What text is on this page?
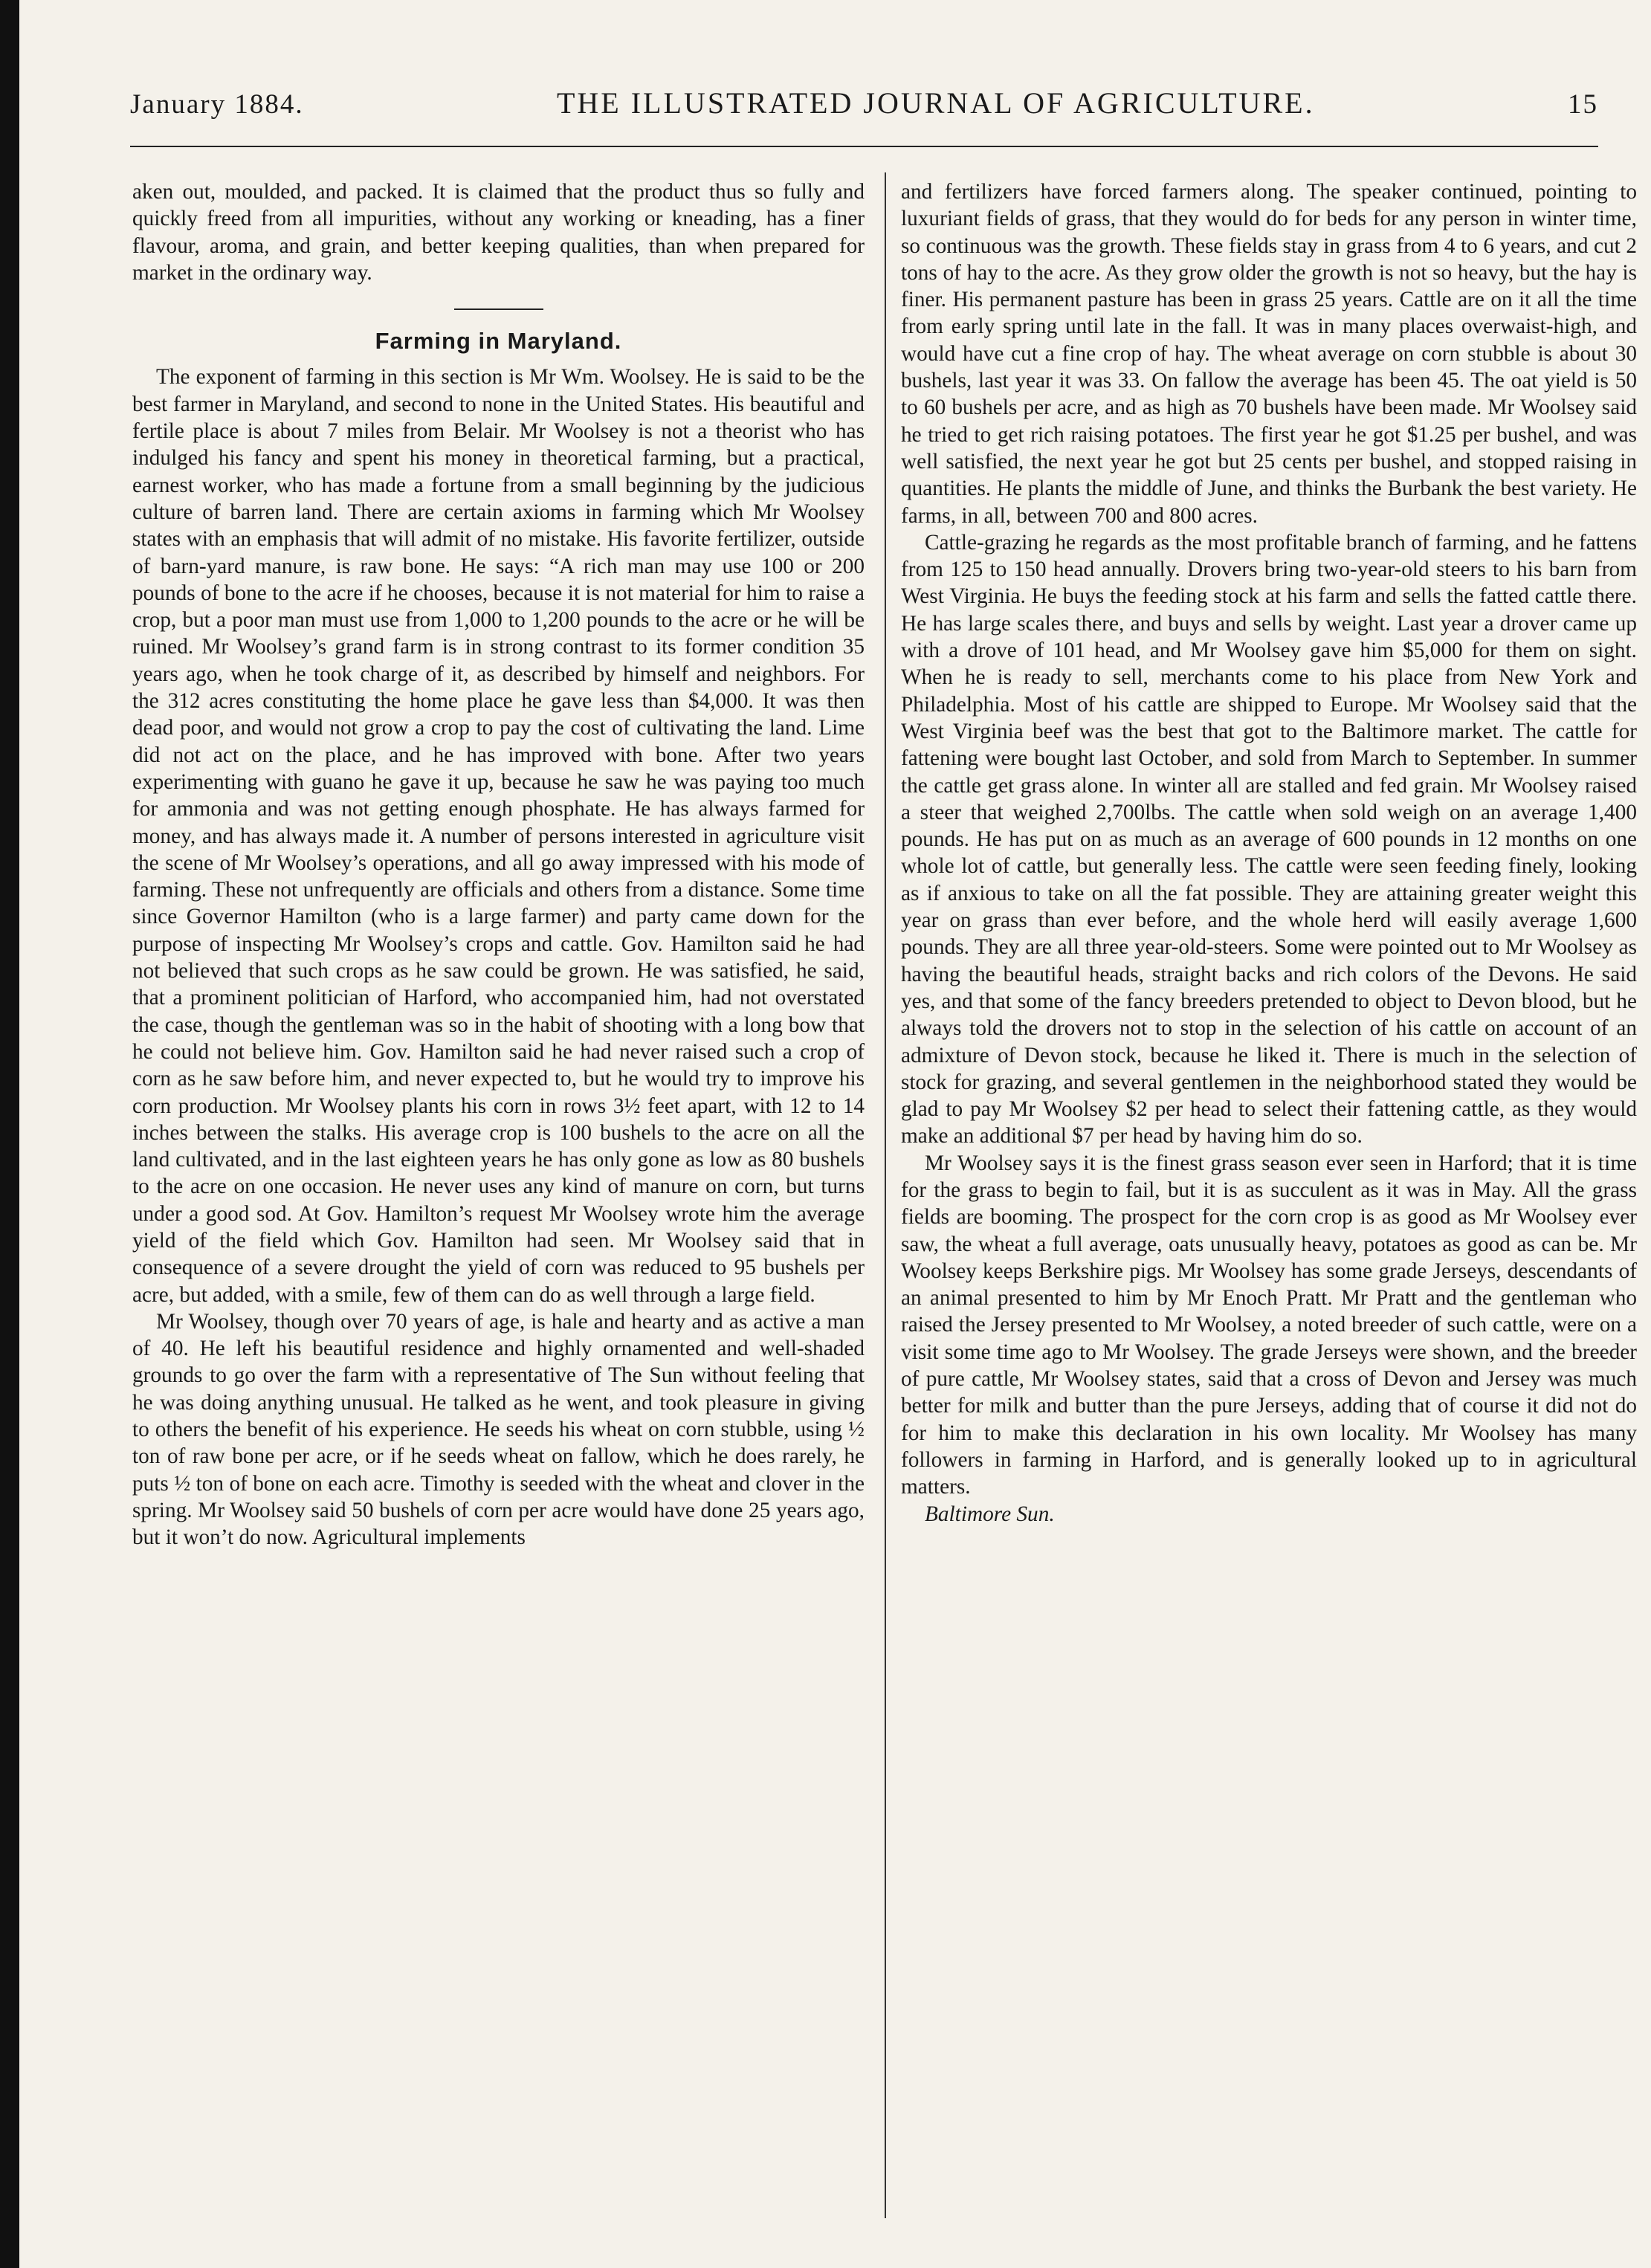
January 1884.	THE ILLUSTRATED JOURNAL OF AGRICULTURE.	15

aken out, moulded, and packed. It is claimed that the product thus so fully and quickly freed from all impurities, without any working or kneading, has a finer flavour, aroma, and grain, and better keeping qualities, than when prepared for market in the ordinary way.

Farming in Maryland.

The exponent of farming in this section is Mr Wm. Woolsey. He is said to be the best farmer in Maryland, and second to none in the United States. His beautiful and fertile place is about 7 miles from Belair. Mr Woolsey is not a theorist who has indulged his fancy and spent his money in theoretical farming, but a practical, earnest worker, who has made a fortune from a small beginning by the judicious culture of barren land. There are certain axioms in farming which Mr Woolsey states with an emphasis that will admit of no mistake. His favorite fertilizer, outside of barn-yard manure, is raw bone. He says: “A rich man may use 100 or 200 pounds of bone to the acre if he chooses, because it is not material for him to raise a crop, but a poor man must use from 1,000 to 1,200 pounds to the acre or he will be ruined. Mr Woolsey’s grand farm is in strong contrast to its former condition 35 years ago, when he took charge of it, as described by himself and neighbors. For the 312 acres constituting the home place he gave less than $4,000. It was then dead poor, and would not grow a crop to pay the cost of cultivating the land. Lime did not act on the place, and he has improved with bone. After two years experimenting with guano he gave it up, because he saw he was paying too much for ammonia and was not getting enough phosphate. He has always farmed for money, and has always made it. A number of persons interested in agriculture visit the scene of Mr Woolsey’s operations, and all go away impressed with his mode of farming. These not unfrequently are officials and others from a distance. Some time since Governor Hamilton (who is a large farmer) and party came down for the purpose of inspecting Mr Woolsey’s crops and cattle. Gov. Hamilton said he had not believed that such crops as he saw could be grown. He was satisfied, he said, that a prominent politician of Harford, who accompanied him, had not overstated the case, though the gentleman was so in the habit of shooting with a long bow that he could not believe him. Gov. Hamilton said he had never raised such a crop of corn as he saw before him, and never expected to, but he would try to improve his corn production. Mr Woolsey plants his corn in rows 3½ feet apart, with 12 to 14 inches between the stalks. His average crop is 100 bushels to the acre on all the land cultivated, and in the last eighteen years he has only gone as low as 80 bushels to the acre on one occasion. He never uses any kind of manure on corn, but turns under a good sod. At Gov. Hamilton’s request Mr Woolsey wrote him the average yield of the field which Gov. Hamilton had seen. Mr Woolsey said that in consequence of a severe drought the yield of corn was reduced to 95 bushels per acre, but added, with a smile, few of them can do as well through a large field.

Mr Woolsey, though over 70 years of age, is hale and hearty and as active a man of 40. He left his beautiful residence and highly ornamented and well-shaded grounds to go over the farm with a representative of The Sun without feeling that he was doing anything unusual. He talked as he went, and took pleasure in giving to others the benefit of his experience. He seeds his wheat on corn stubble, using ½ ton of raw bone per acre, or if he seeds wheat on fallow, which he does rarely, he puts ½ ton of bone on each acre. Timothy is seeded with the wheat and clover in the spring. Mr Woolsey said 50 bushels of corn per acre would have done 25 years ago, but it won’t do now. Agricultural implements

and fertilizers have forced farmers along. The speaker continued, pointing to luxuriant fields of grass, that they would do for beds for any person in winter time, so continuous was the growth. These fields stay in grass from 4 to 6 years, and cut 2 tons of hay to the acre. As they grow older the growth is not so heavy, but the hay is finer. His permanent pasture has been in grass 25 years. Cattle are on it all the time from early spring until late in the fall. It was in many places overwaist-high, and would have cut a fine crop of hay. The wheat average on corn stubble is about 30 bushels, last year it was 33. On fallow the average has been 45. The oat yield is 50 to 60 bushels per acre, and as high as 70 bushels have been made. Mr Woolsey said he tried to get rich raising potatoes. The first year he got $1.25 per bushel, and was well satisfied, the next year he got but 25 cents per bushel, and stopped raising in quantities. He plants the middle of June, and thinks the Burbank the best variety. He farms, in all, between 700 and 800 acres.

Cattle-grazing he regards as the most profitable branch of farming, and he fattens from 125 to 150 head annually. Drovers bring two-year-old steers to his barn from West Virginia. He buys the feeding stock at his farm and sells the fatted cattle there. He has large scales there, and buys and sells by weight. Last year a drover came up with a drove of 101 head, and Mr Woolsey gave him $5,000 for them on sight. When he is ready to sell, merchants come to his place from New York and Philadelphia. Most of his cattle are shipped to Europe. Mr Woolsey said that the West Virginia beef was the best that got to the Baltimore market. The cattle for fattening were bought last October, and sold from March to September. In summer the cattle get grass alone. In winter all are stalled and fed grain. Mr Woolsey raised a steer that weighed 2,700lbs. The cattle when sold weigh on an average 1,400 pounds. He has put on as much as an average of 600 pounds in 12 months on one whole lot of cattle, but generally less. The cattle were seen feeding finely, looking as if anxious to take on all the fat possible. They are attaining greater weight this year on grass than ever before, and the whole herd will easily average 1,600 pounds. They are all three year-old-steers. Some were pointed out to Mr Woolsey as having the beautiful heads, straight backs and rich colors of the Devons. He said yes, and that some of the fancy breeders pretended to object to Devon blood, but he always told the drovers not to stop in the selection of his cattle on account of an admixture of Devon stock, because he liked it. There is much in the selection of stock for grazing, and several gentlemen in the neighborhood stated they would be glad to pay Mr Woolsey $2 per head to select their fattening cattle, as they would make an additional $7 per head by having him do so.

Mr Woolsey says it is the finest grass season ever seen in Harford; that it is time for the grass to begin to fail, but it is as succulent as it was in May. All the grass fields are booming. The prospect for the corn crop is as good as Mr Woolsey ever saw, the wheat a full average, oats unusually heavy, potatoes as good as can be. Mr Woolsey keeps Berkshire pigs. Mr Woolsey has some grade Jerseys, descendants of an animal presented to him by Mr Enoch Pratt. Mr Pratt and the gentleman who raised the Jersey presented to Mr Woolsey, a noted breeder of such cattle, were on a visit some time ago to Mr Woolsey. The grade Jerseys were shown, and the breeder of pure cattle, Mr Woolsey states, said that a cross of Devon and Jersey was much better for milk and butter than the pure Jerseys, adding that of course it did not do for him to make this declaration in his own locality. Mr Woolsey has many followers in farming in Harford, and is generally looked up to in agricultural matters.

Baltimore Sun.
